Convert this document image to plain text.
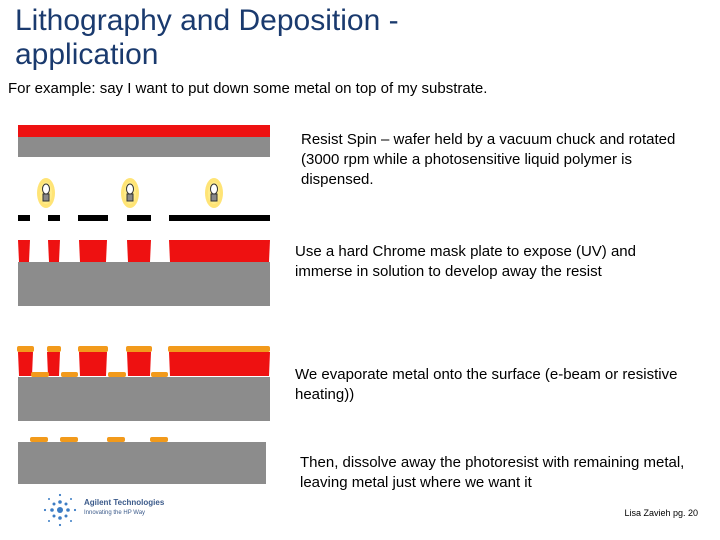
Lithography and Deposition -
application
For example: say I want to put down some metal on top of my substrate.
Resist Spin – wafer held by a vacuum chuck and rotated (3000 rpm while a photosensitive liquid polymer is dispensed.
Use a hard Chrome mask plate to expose (UV) and immerse in solution to develop away the resist
We evaporate metal onto the surface (e-beam or resistive heating))
Then, dissolve away the photoresist with remaining metal, leaving metal just where we want it
Agilent Technologies
Innovating the HP Way	Lisa Zavieh pg. 20
